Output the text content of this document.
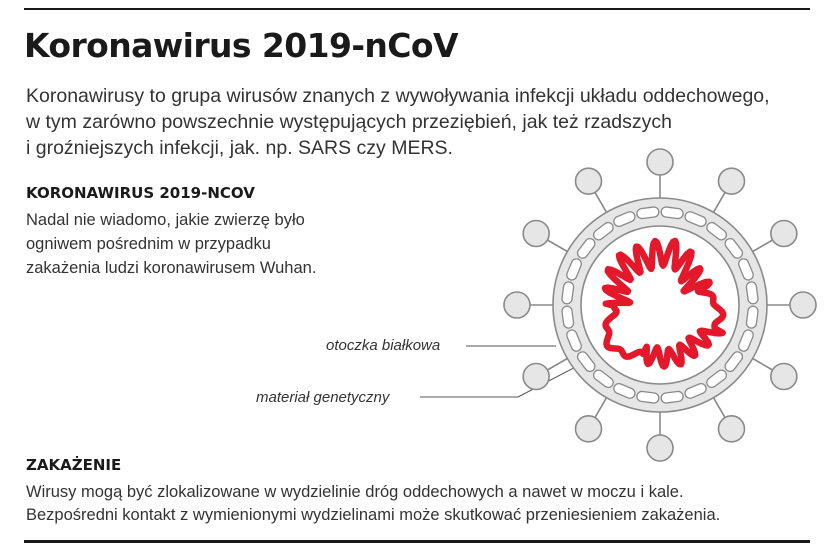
Koronawirus 2019-nCoV

Koronawirusy to grupa wirusów znanych z wywoływania infekcji układu oddechowego,
w tym zarówno powszechnie występujących przeziębień, jak też rzadszych
i groźniejszych infekcji, jak. np. SARS czy MERS.

KORONAWIRUS 2019-NCOV

Nadal nie wiadomo, jakie zwierzę było
ogniwem pośrednim w przypadku
zakażenia ludzi koronawirusem Wuhan.

otoczka białkowa
materiał genetyczny
ZAKAŻENIE

Wirusy mogą być zlokalizowane w wydzielinie dróg oddechowych a nawet w moczu i kale.
Bezpośredni kontakt z wymienionymi wydzielinami może skutkować przeniesieniem zakażenia.
